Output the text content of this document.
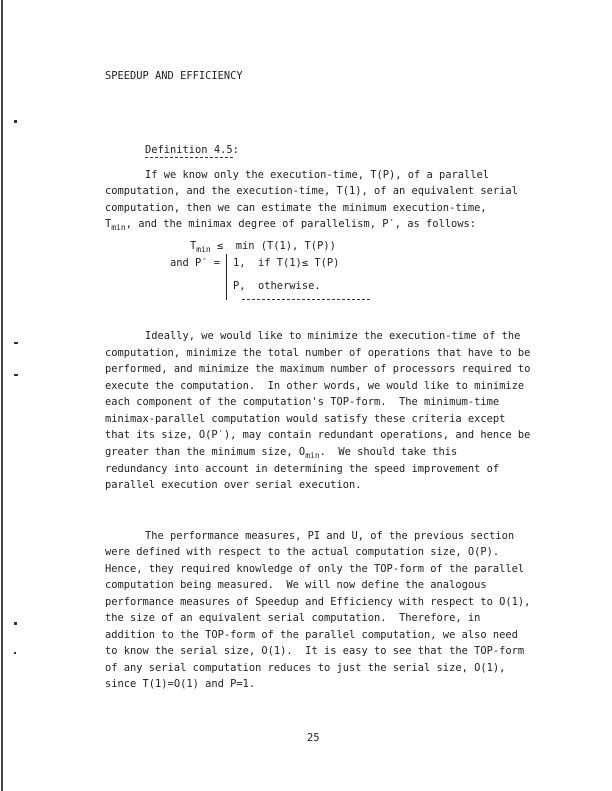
SPEEDUP AND EFFICIENCY
Definition 4.5:
If we know only the execution-time, T(P), of a parallel
computation, and the execution-time, T(1), of an equivalent serial
computation, then we can estimate the minimum execution-time,
$T_{min}$, and the minimax degree of parallelism, P′, as follows:
$T_{min} \le \min (T(1)$, T(P))
and P′ = 1,  if T(1)≤ T(P)
P,  otherwise.
Ideally, we would like to minimize the execution-time of the
computation, minimize the total number of operations that have to be
performed, and minimize the maximum number of processors required to
execute the computation.  In other words, we would like to minimize
each component of the computation's TOP-form.  The minimum-time
minimax-parallel computation would satisfy these criteria except
that its size, O(P′), may contain redundant operations, and hence be
greater than the minimum size, $O_{min}$.  We should take this
redundancy into account in determining the speed improvement of
parallel execution over serial execution.
The performance measures, PI and U, of the previous section
were defined with respect to the actual computation size, O(P).
Hence, they required knowledge of only the TOP-form of the parallel
computation being measured.  We will now define the analogous
performance measures of Speedup and Efficiency with respect to O(1),
the size of an equivalent serial computation.  Therefore, in
addition to the TOP-form of the parallel computation, we also need
to know the serial size, O(1).  It is easy to see that the TOP-form
of any serial computation reduces to just the serial size, O(1),
since T(1)=O(1) and P=1.
25
